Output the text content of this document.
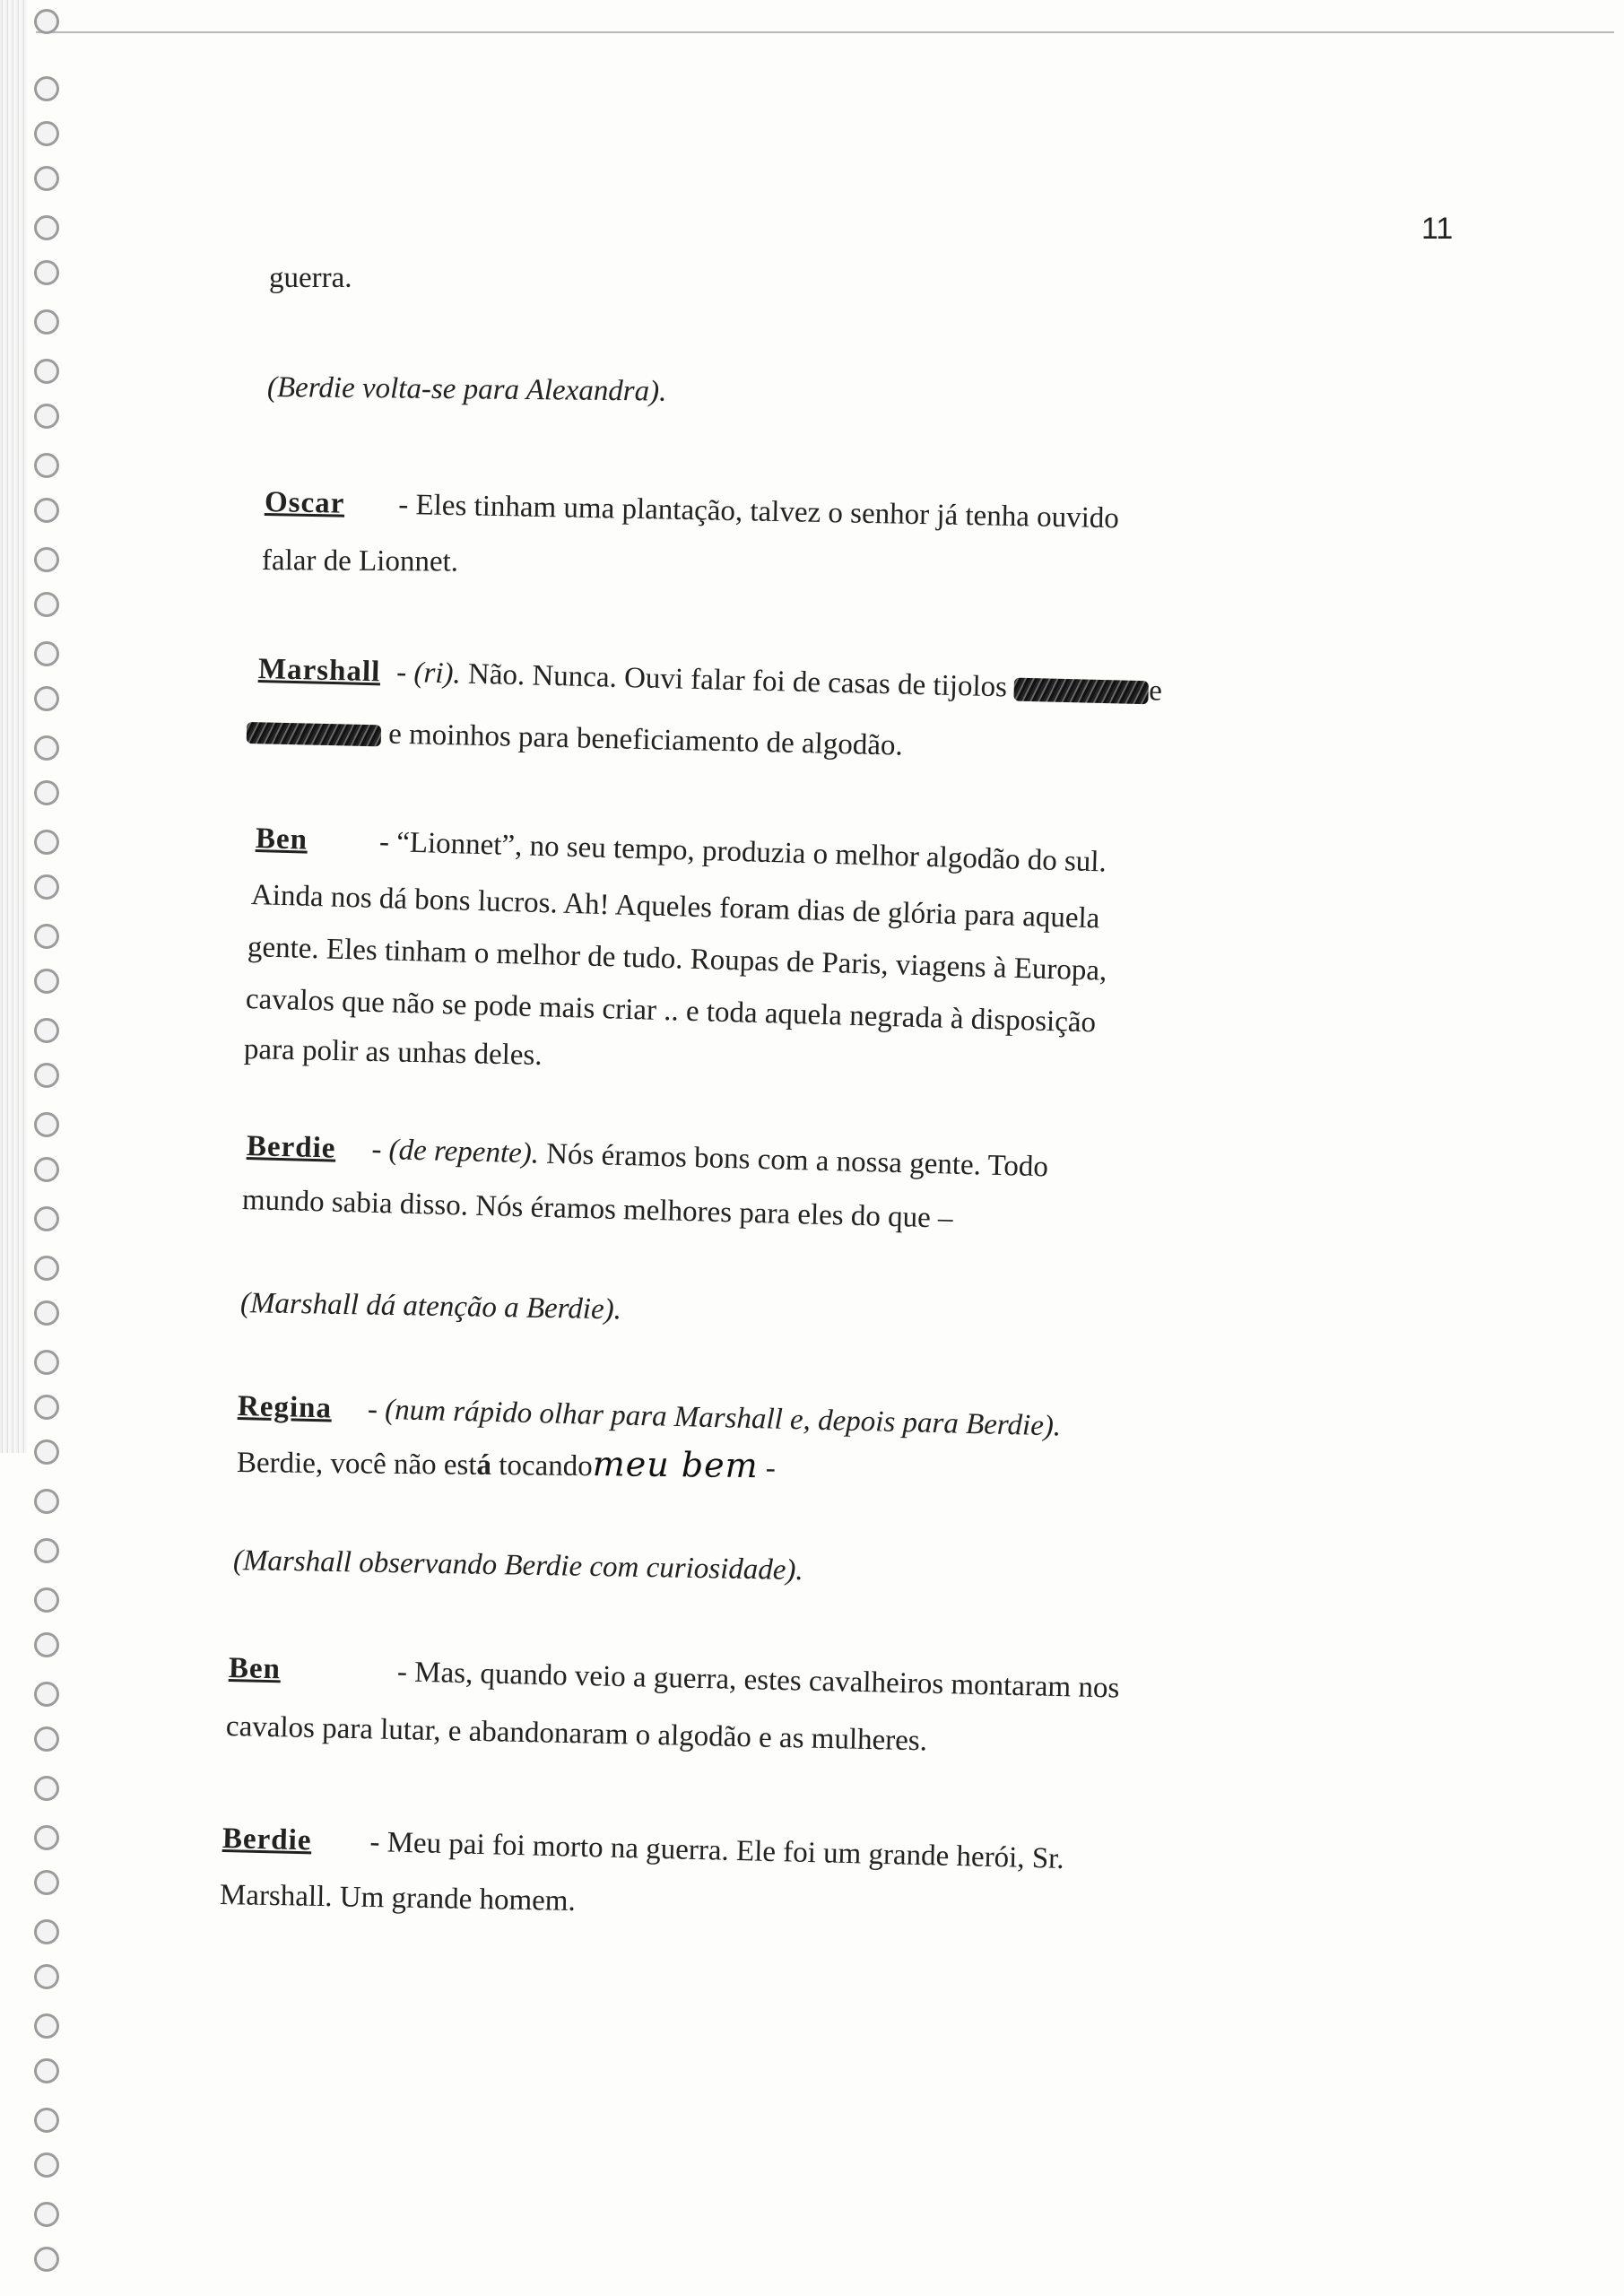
11
guerra.
(Berdie volta-se para Alexandra).
Oscar - Eles tinham uma plantação, talvez o senhor já tenha ouvido
falar de Lionnet.
Marshall - (ri). Não. Nunca. Ouvi falar foi de casas de tijolos	e
e moinhos para beneficiamento de algodão.
Ben - “Lionnet”, no seu tempo, produzia o melhor algodão do sul.
Ainda nos dá bons lucros. Ah! Aqueles foram dias de glória para aquela
gente. Eles tinham o melhor de tudo. Roupas de Paris, viagens à Europa,
cavalos que não se pode mais criar .. e toda aquela negrada à disposição
para polir as unhas deles.
Berdie - (de repente). Nós éramos bons com a nossa gente. Todo
mundo sabia disso. Nós éramos melhores para eles do que –
(Marshall dá atenção a Berdie).
Regina - (num rápido olhar para Marshall e, depois para Berdie).
Berdie, você não está tocandomeu bem -
(Marshall observando Berdie com curiosidade).
Ben	- Mas, quando veio a guerra, estes cavalheiros montaram nos
cavalos para lutar, e abandonaram o algodão e as mulheres.
Berdie - Meu pai foi morto na guerra. Ele foi um grande herói, Sr.
Marshall. Um grande homem.
